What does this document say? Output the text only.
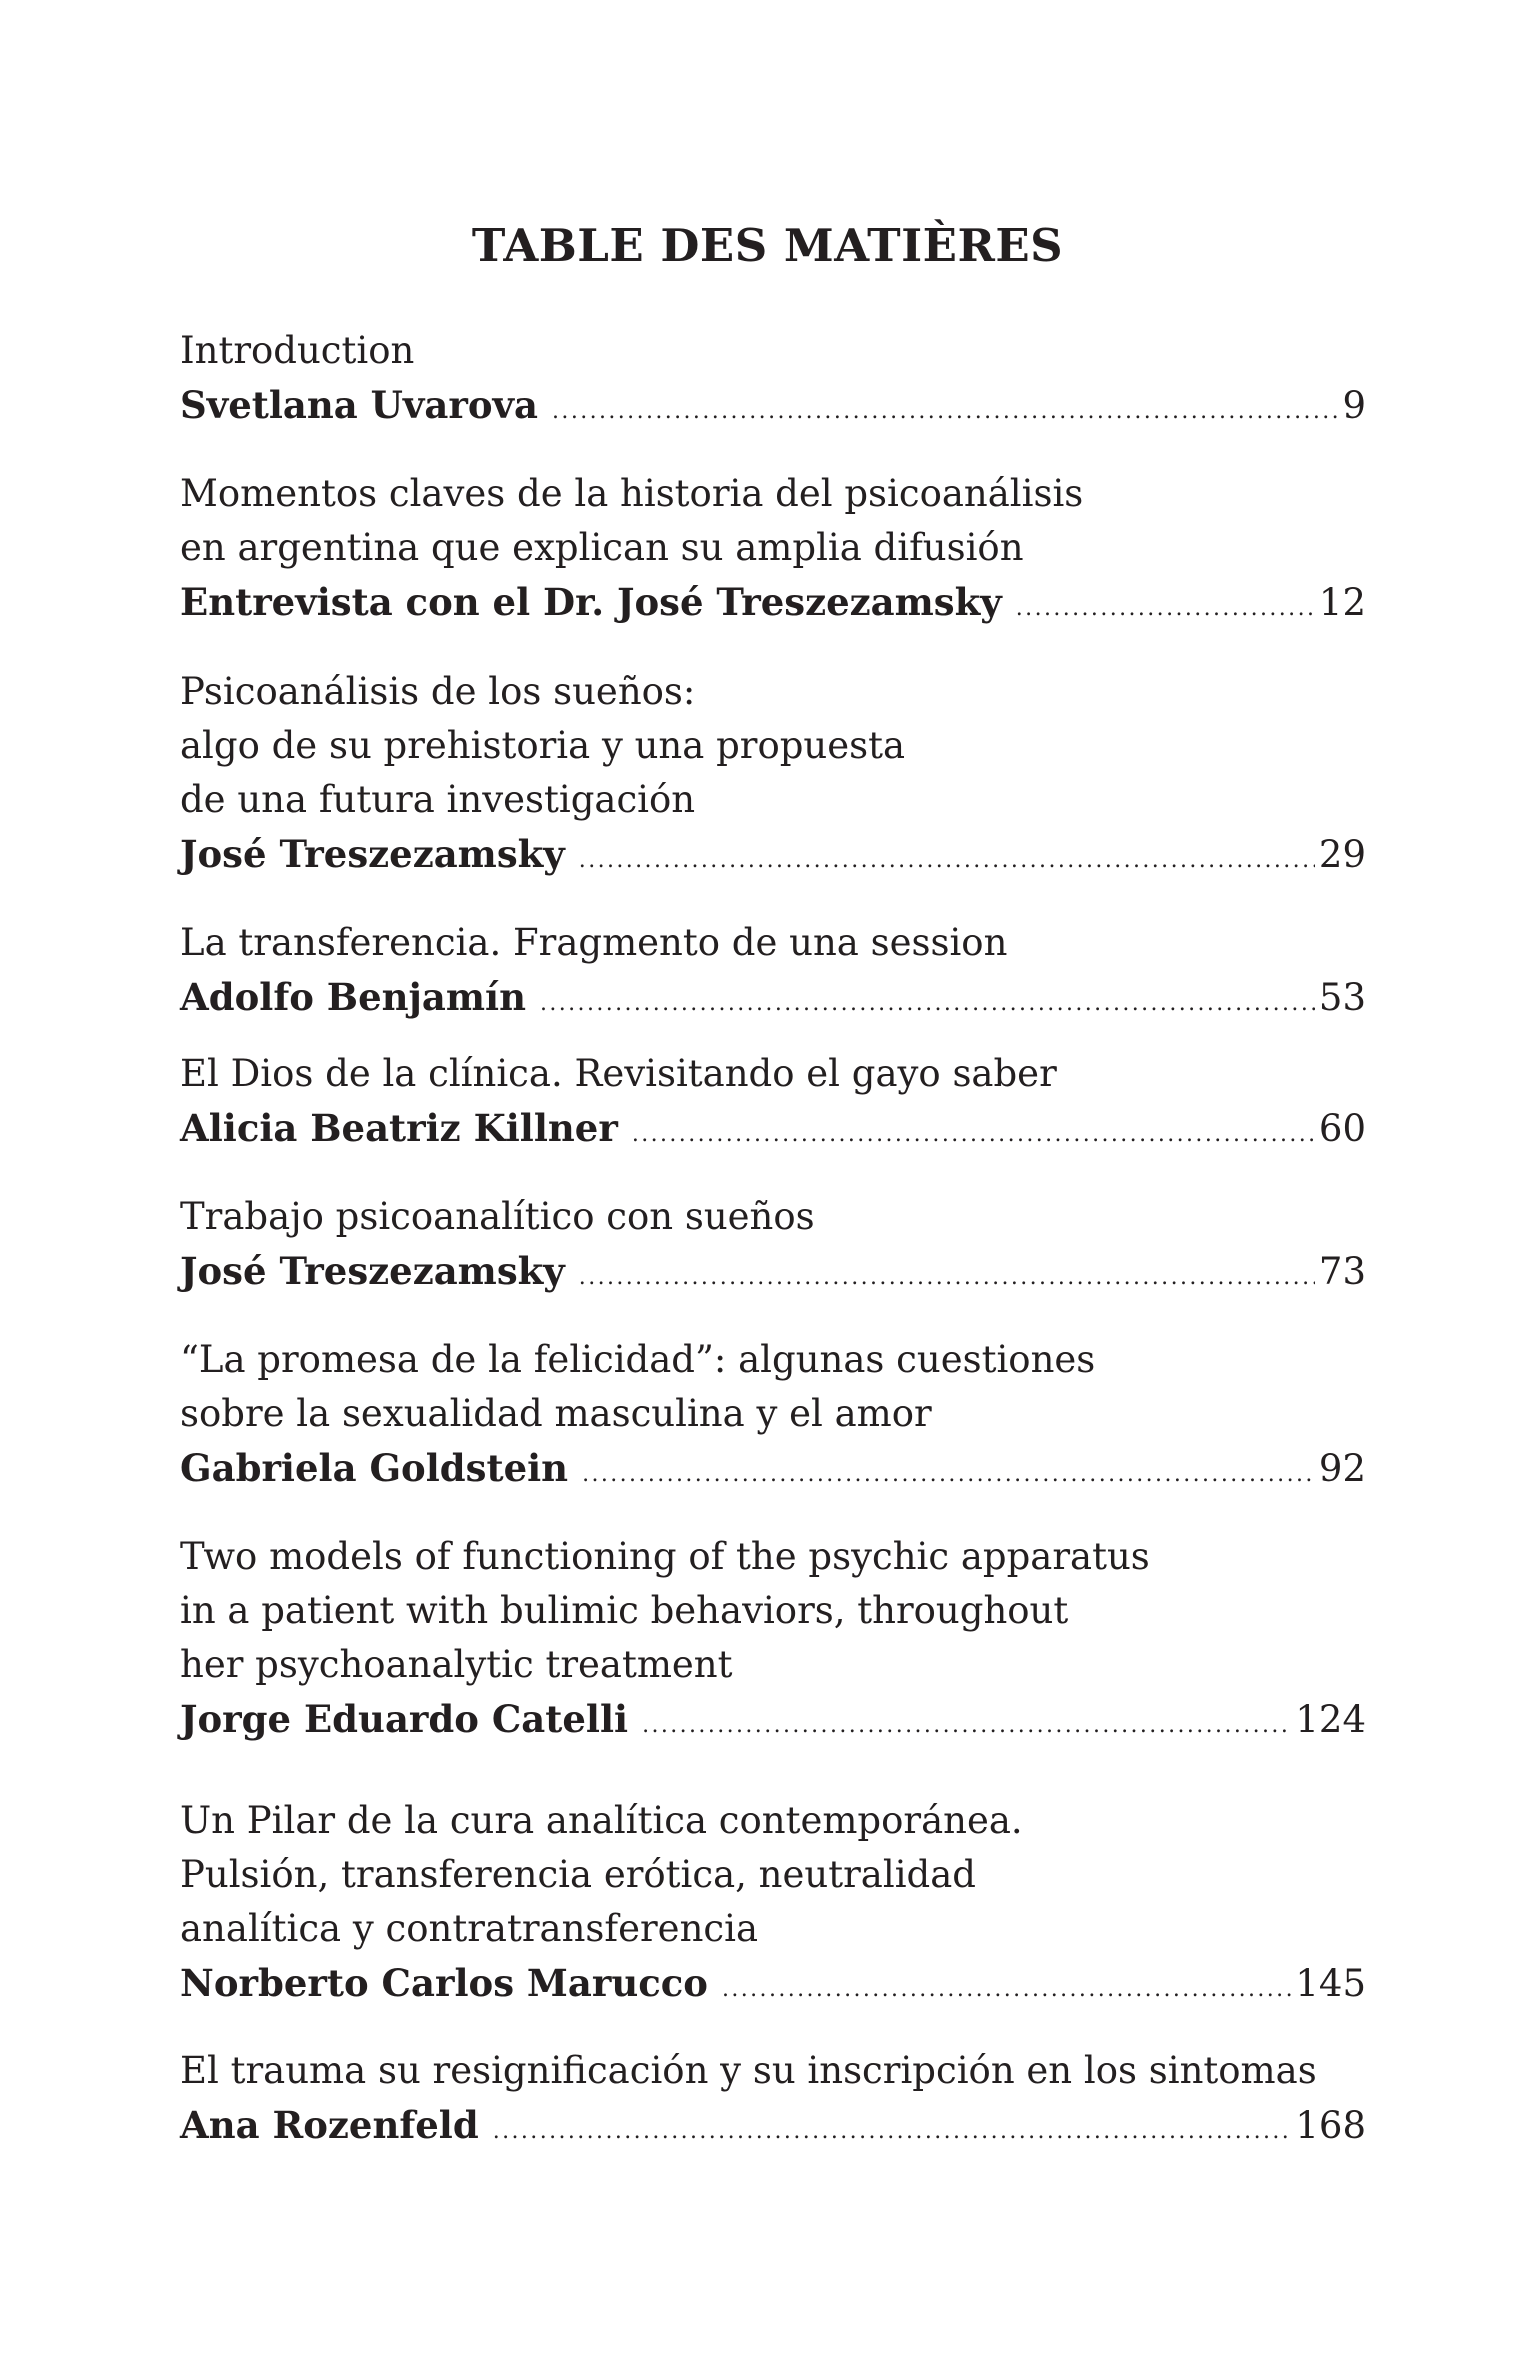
TABLE DES MATIÈRES
Introduction
Svetlana Uvarova .....	9
Momentos claves de la historia del psicoanálisis
en argentina que explican su amplia difusión
Entrevista con el Dr. José Treszezamsky .....	12
Psicoanálisis de los sueños:
algo de su prehistoria y una propuesta
de una futura investigación
José Treszezamsky .....	29
La transferencia. Fragmento de una session
Adolfo Benjamín .....	53
El Dios de la clínica. Revisitando el gayo saber
Alicia Beatriz Killner .....	60
Trabajo psicoanalítico con sueños
José Treszezamsky .....	73
“La promesa de la felicidad”: algunas cuestiones
sobre la sexualidad masculina y el amor
Gabriela Goldstein .....	92
Two models of functioning of the psychic apparatus
in a patient with bulimic behaviors, throughout
her psychoanalytic treatment
Jorge Eduardo Catelli .....	124
Un Pilar de la cura analítica contemporánea.
Pulsión, transferencia erótica, neutralidad
analítica y contratransferencia
Norberto Carlos Marucco .....	145
El trauma su resignificación y su inscripción en los sintomas
Ana Rozenfeld .....	168
